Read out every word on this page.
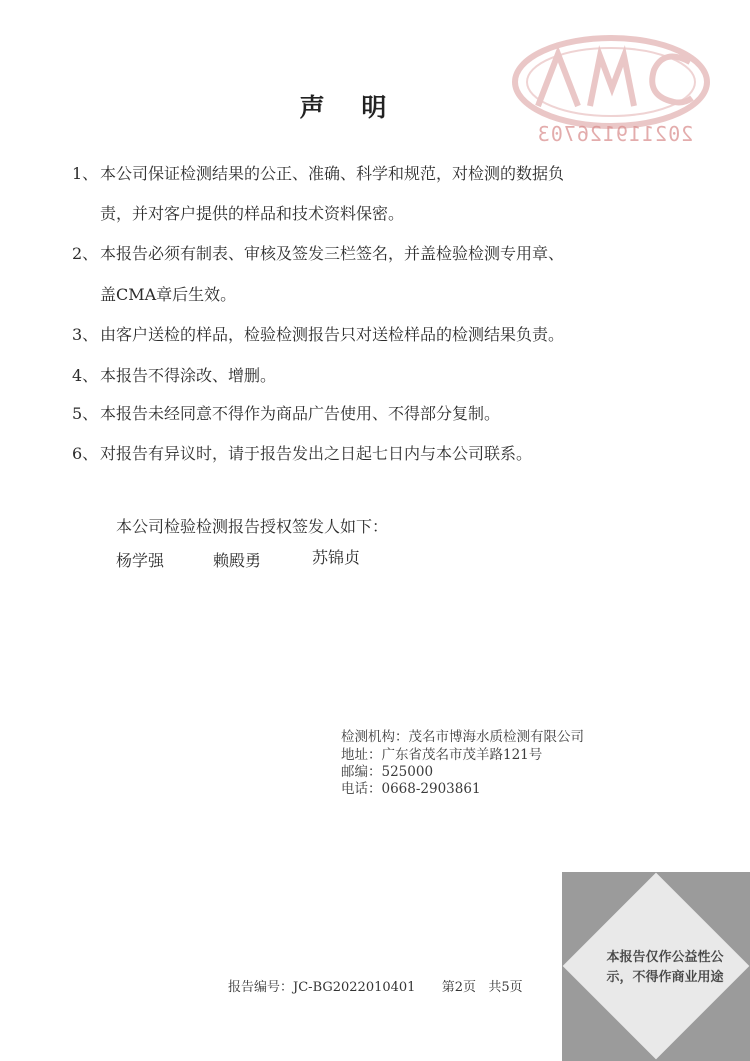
202119126703
声 明
1、 本公司保证检测结果的公正、准确、科学和规范，对检测的数据负
责，并对客户提供的样品和技术资料保密。
2、 本报告必须有制表、审核及签发三栏签名，并盖检验检测专用章、
盖CMA章后生效。
3、 由客户送检的样品，检验检测报告只对送检样品的检测结果负责。
4、 本报告不得涂改、增删。
5、 本报告未经同意不得作为商品广告使用、不得部分复制。
6、 对报告有异议时，请于报告发出之日起七日内与本公司联系。
本公司检验检测报告授权签发人如下：
杨学强	赖殿勇	苏锦贞
检测机构：茂名市博海水质检测有限公司
地址：广东省茂名市茂羊路121号
邮编：525000
电话：0668-2903861
报告编号：JC-BG2022010401 第2页 共5页
本报告仅作公益性公
示，不得作商业用途
